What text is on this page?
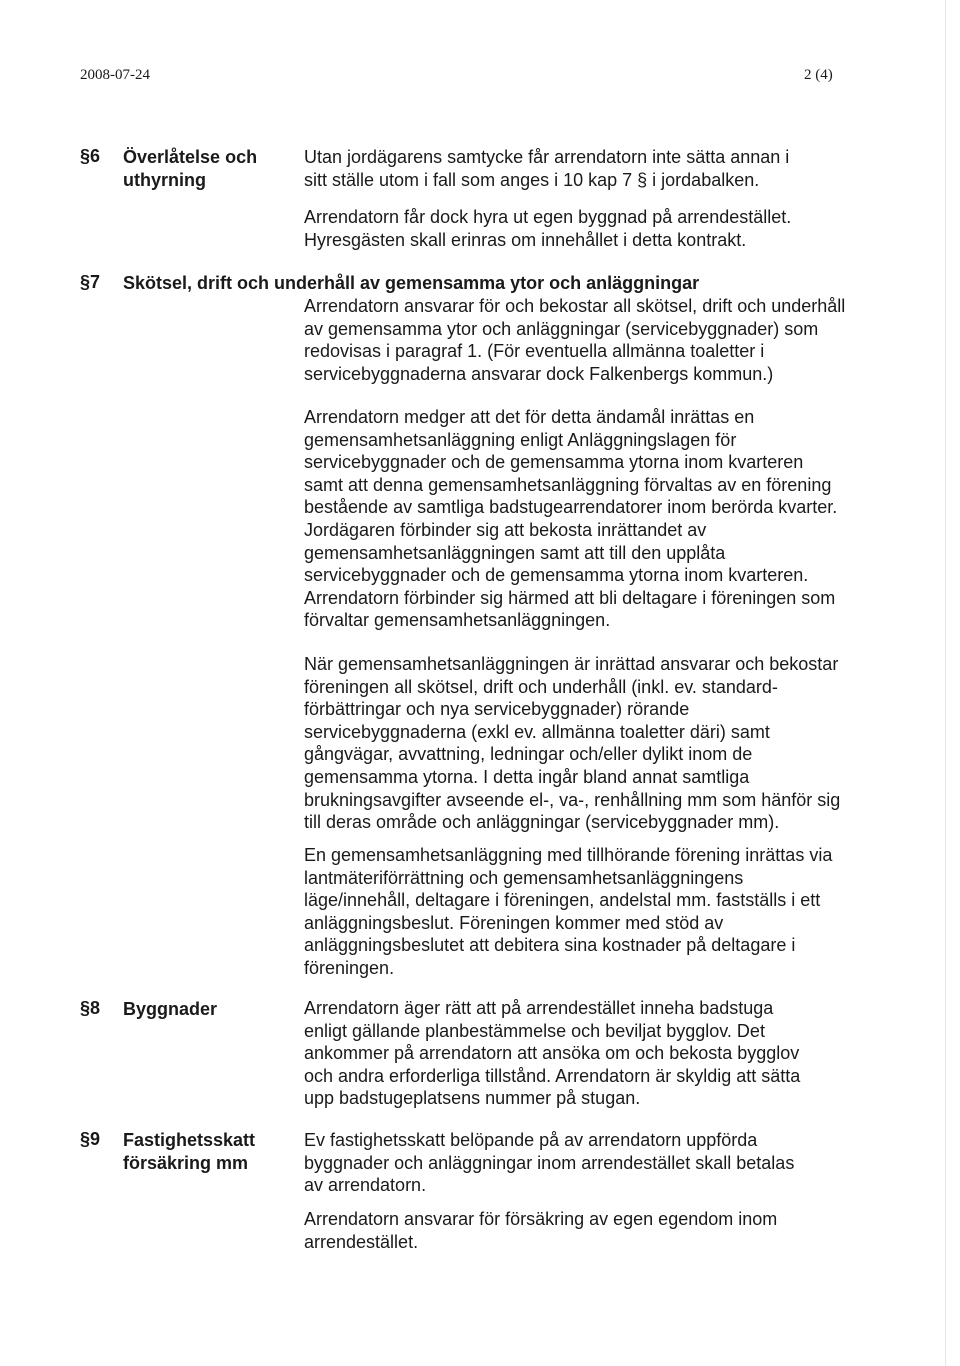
2008-07-24	2 (4)
§6 Överlåtelse och
uthyrning

Utan jordägarens samtycke får arrendatorn inte sätta annan i

sitt ställe utom i fall som anges i 10 kap 7 § i jordabalken.

Arrendatorn får dock hyra ut egen byggnad på arrendestället.

Hyresgästen skall erinras om innehållet i detta kontrakt.

§7 Skötsel, drift och underhåll av gemensamma ytor och anläggningar

Arrendatorn ansvarar för och bekostar all skötsel, drift och underhåll

av gemensamma ytor och anläggningar (servicebyggnader) som

redovisas i paragraf 1. (För eventuella allmänna toaletter i

servicebyggnaderna ansvarar dock Falkenbergs kommun.)

Arrendatorn medger att det för detta ändamål inrättas en

gemensamhetsanläggning enligt Anläggningslagen för

servicebyggnader och de gemensamma ytorna inom kvarteren

samt att denna gemensamhetsanläggning förvaltas av en förening

bestående av samtliga badstugearrendatorer inom berörda kvarter.

Jordägaren förbinder sig att bekosta inrättandet av

gemensamhetsanläggningen samt att till den upplåta

servicebyggnader och de gemensamma ytorna inom kvarteren.

Arrendatorn förbinder sig härmed att bli deltagare i föreningen som

förvaltar gemensamhetsanläggningen.

När gemensamhetsanläggningen är inrättad ansvarar och bekostar

föreningen all skötsel, drift och underhåll (inkl. ev. standard-

förbättringar och nya servicebyggnader) rörande

servicebyggnaderna (exkl ev. allmänna toaletter däri) samt

gångvägar, avvattning, ledningar och/eller dylikt inom de

gemensamma ytorna. I detta ingår bland annat samtliga

brukningsavgifter avseende el-, va-, renhållning mm som hänför sig

till deras område och anläggningar (servicebyggnader mm).

En gemensamhetsanläggning med tillhörande förening inrättas via

lantmäteriförrättning och gemensamhetsanläggningens

läge/innehåll, deltagare i föreningen, andelstal mm. fastställs i ett

anläggningsbeslut. Föreningen kommer med stöd av

anläggningsbeslutet att debitera sina kostnader på deltagare i

föreningen.

§8 Byggnader	Arrendatorn äger rätt att på arrendestället inneha badstuga

enligt gällande planbestämmelse och beviljat bygglov. Det

ankommer på arrendatorn att ansöka om och bekosta bygglov

och andra erforderliga tillstånd. Arrendatorn är skyldig att sätta

upp badstugeplatsens nummer på stugan.

§9 Fastighetsskatt
försäkring mm

Ev fastighetsskatt belöpande på av arrendatorn uppförda

byggnader och anläggningar inom arrendestället skall betalas

av arrendatorn.

Arrendatorn ansvarar för försäkring av egen egendom inom

arrendestället.
